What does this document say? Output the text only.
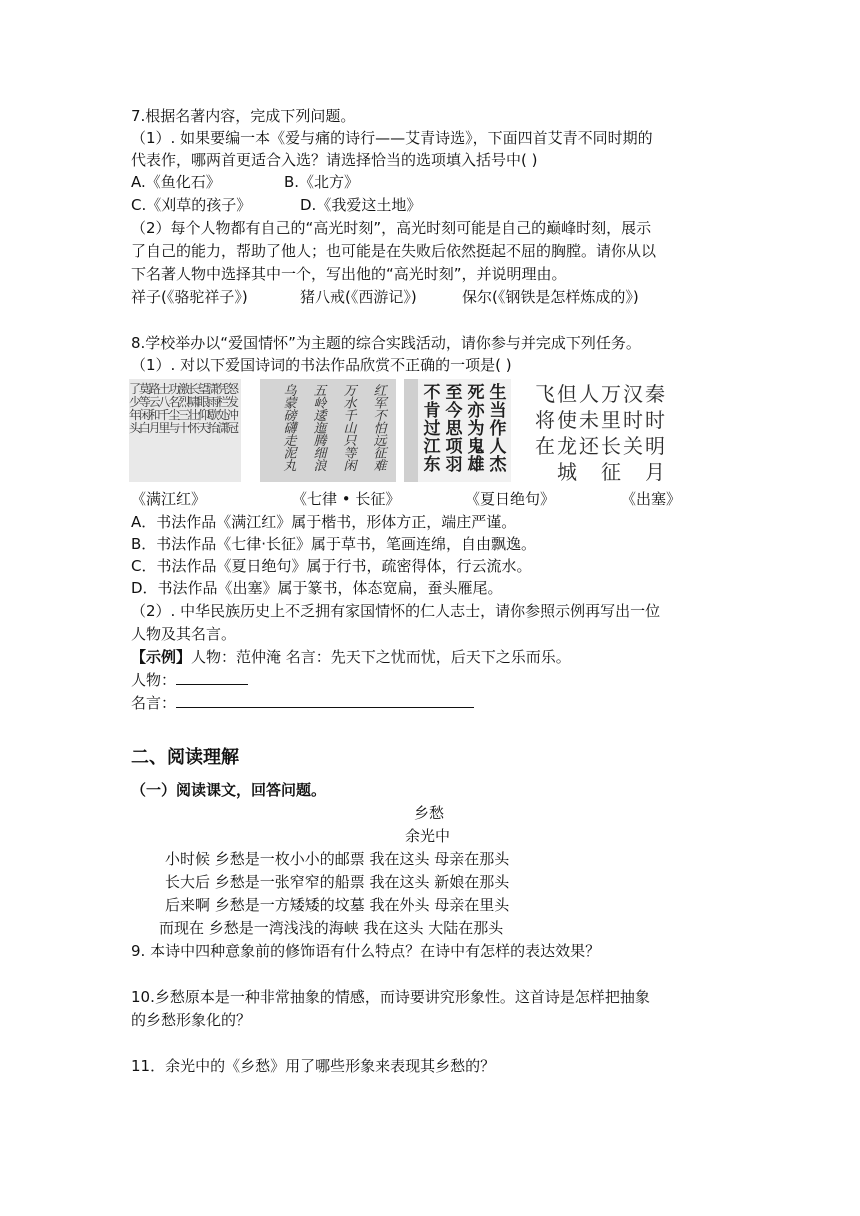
7.根据名著内容，完成下列问题。
（1）. 如果要编一本《爱与痛的诗行——艾青诗选》，下面四首艾青不同时期的
代表作，哪两首更适合入选？请选择恰当的选项填入括号中( )
A.《鱼化石》	B.《北方》
C.《刈草的孩子》	D.《我爱这土地》
（2）每个人物都有自己的“高光时刻”，高光时刻可能是自己的巅峰时刻，展示
了自己的能力，帮助了他人；也可能是在失败后依然挺起不屈的胸膛。请你从以
下名著人物中选择其中一个，写出他的“高光时刻”，并说明理由。
祥子(《骆驼祥子》)	猪八戒(《西游记》)	保尔(《钢铁是怎样炼成的》)
8.学校举办以“爱国情怀”为主题的综合实践活动，请你参与并完成下列任务。
（1）. 对以下爱国诗词的书法作品欣赏不正确的一项是( )
怒
发
冲
冠
凭
栏
处
潇
潇
雨
歇
抬
望
眼
仰
天
长
啸
壮
怀
激
烈
三
十
功
名
尘
与
土
八
千
里
路
云
和
月
莫
等
闲
白
了
少
年
头
红
军
不
怕
远
征
难
万
水
千
山
只
等
闲
五
岭
逶
迤
腾
细
浪
乌
蒙
磅
礴
走
泥
丸
生
当
作
人
杰
死
亦
为
鬼
雄
至
今
思
项
羽
不
肯
过
江
东
秦
时
明
月
汉
时
关
万
里
长
征
人
未
还
但
使
龙
城
飞
将
在
《满江红》	《七律 • 长征》	《夏日绝句》	《出塞》
A．书法作品《满江红》属于楷书，形体方正，端庄严谨。
B．书法作品《七律·长征》属于草书，笔画连绵，自由飘逸。
C．书法作品《夏日绝句》属于行书，疏密得体，行云流水。
D．书法作品《出塞》属于篆书，体态宽扁，蚕头雁尾。
（2）. 中华民族历史上不乏拥有家国情怀的仁人志士，请你参照示例再写出一位
人物及其名言。
【示例】人物：范仲淹 名言：先天下之忧而忧，后天下之乐而乐。
人物：
名言：
二、阅读理解
（一）阅读课文，回答问题。
乡愁
余光中
小时候 乡愁是一枚小小的邮票 我在这头 母亲在那头
长大后 乡愁是一张窄窄的船票 我在这头 新娘在那头
后来啊 乡愁是一方矮矮的坟墓 我在外头 母亲在里头
而现在 乡愁是一湾浅浅的海峡 我在这头 大陆在那头
9. 本诗中四种意象前的修饰语有什么特点？在诗中有怎样的表达效果？
10.乡愁原本是一种非常抽象的情感，而诗要讲究形象性。这首诗是怎样把抽象
的乡愁形象化的？
11．余光中的《乡愁》用了哪些形象来表现其乡愁的？
